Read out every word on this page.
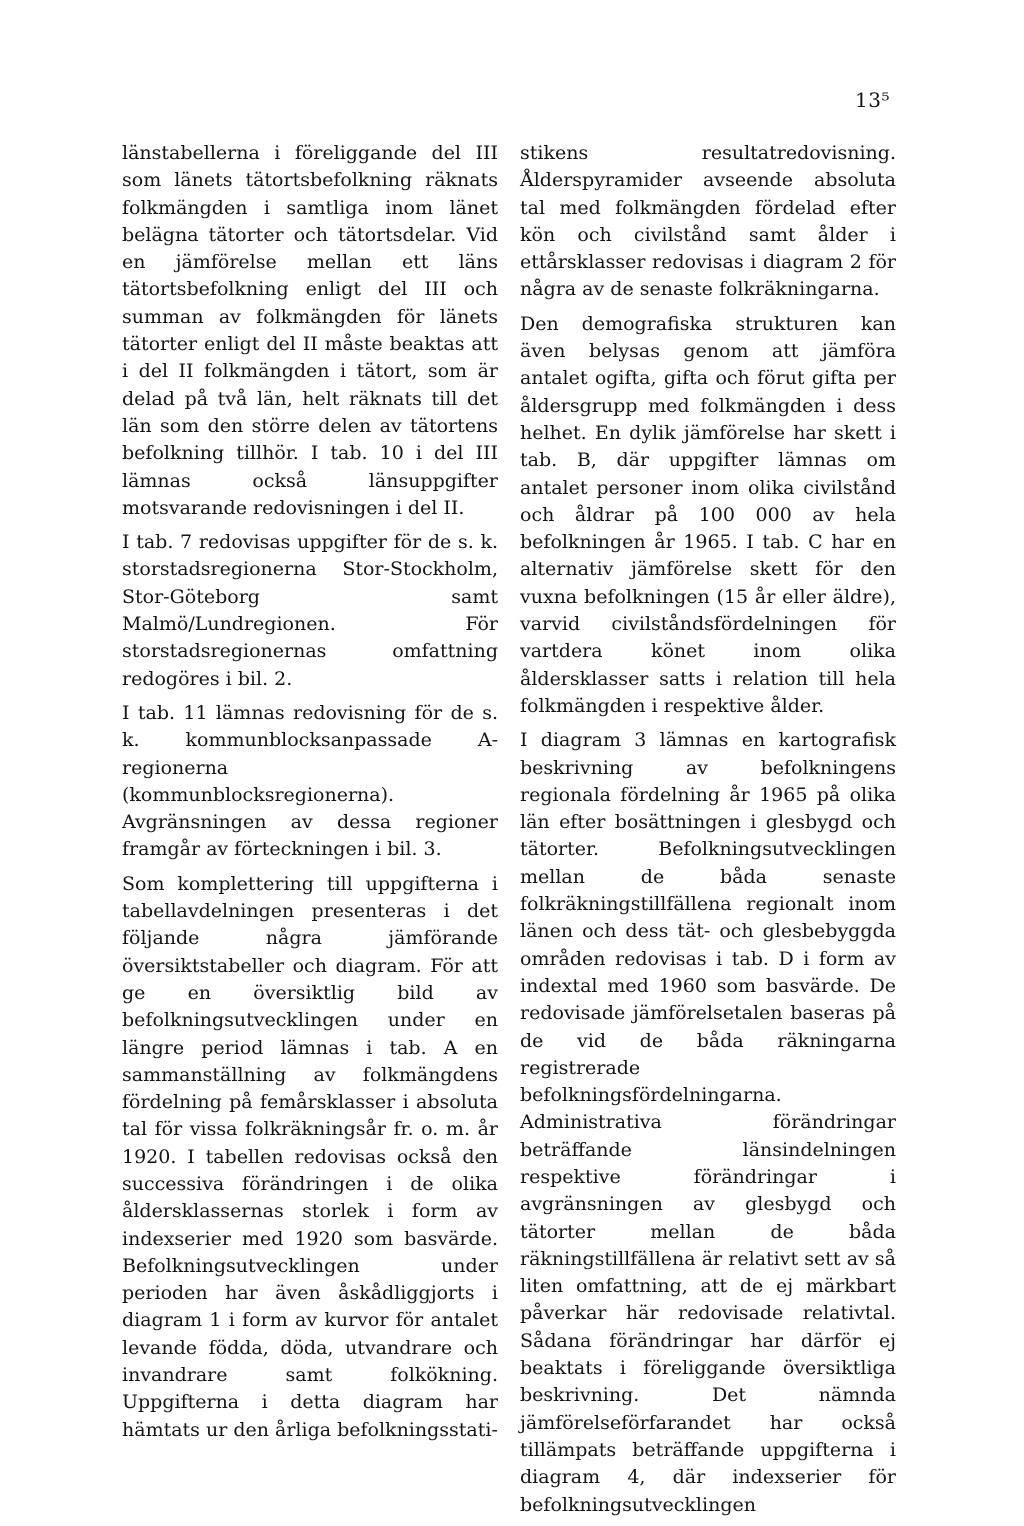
13⁵

länstabellerna i föreliggande del III som länets tätortsbefolkning räknats folkmängden i samtliga inom länet belägna tätorter och tätortsdelar. Vid en jämförelse mellan ett läns tätortsbefolkning enligt del III och summan av folkmängden för länets tätorter enligt del II måste beaktas att i del II folkmängden i tätort, som är delad på två län, helt räknats till det län som den större delen av tätortens befolkning tillhör. I tab. 10 i del III lämnas också länsuppgifter motsvarande redovisningen i del II.

I tab. 7 redovisas uppgifter för de s. k. storstadsregionerna Stor-Stockholm, Stor-Göteborg samt Malmö/Lundregionen. För storstadsregionernas omfattning redogöres i bil. 2.

I tab. 11 lämnas redovisning för de s. k. kommunblocksanpassade A-regionerna (kommunblocksregionerna). Avgränsningen av dessa regioner framgår av förteckningen i bil. 3.

Som komplettering till uppgifterna i tabellavdelningen presenteras i det följande några jämförande översiktstabeller och diagram. För att ge en översiktlig bild av befolkningsutvecklingen under en längre period lämnas i tab. A en sammanställning av folkmängdens fördelning på femårsklasser i absoluta tal för vissa folkräkningsår fr. o. m. år 1920. I tabellen redovisas också den successiva förändringen i de olika åldersklassernas storlek i form av indexserier med 1920 som basvärde. Befolkningsutvecklingen under perioden har även åskådliggjorts i diagram 1 i form av kurvor för antalet levande födda, döda, utvandrare och invandrare samt folkökning. Uppgifterna i detta diagram har hämtats ur den årliga befolkningsstati-

stikens resultatredovisning. Ålderspyramider avseende absoluta tal med folkmängden fördelad efter kön och civilstånd samt ålder i ettårsklasser redovisas i diagram 2 för några av de senaste folkräkningarna.

Den demografiska strukturen kan även belysas genom att jämföra antalet ogifta, gifta och förut gifta per åldersgrupp med folkmängden i dess helhet. En dylik jämförelse har skett i tab. B, där uppgifter lämnas om antalet personer inom olika civilstånd och åldrar på 100 000 av hela befolkningen år 1965. I tab. C har en alternativ jämförelse skett för den vuxna befolkningen (15 år eller äldre), varvid civilståndsfördelningen för vartdera könet inom olika åldersklasser satts i relation till hela folkmängden i respektive ålder.

I diagram 3 lämnas en kartografisk beskrivning av befolkningens regionala fördelning år 1965 på olika län efter bosättningen i glesbygd och tätorter. Befolkningsutvecklingen mellan de båda senaste folkräkningstillfällena regionalt inom länen och dess tät- och glesbebyggda områden redovisas i tab. D i form av indextal med 1960 som basvärde. De redovisade jämförelsetalen baseras på de vid de båda räkningarna registrerade befolkningsfördelningarna. Administrativa förändringar beträffande länsindelningen respektive förändringar i avgränsningen av glesbygd och tätorter mellan de båda räkningstillfällena är relativt sett av så liten omfattning, att de ej märkbart påverkar här redovisade relativtal. Sådana förändringar har därför ej beaktats i föreliggande översiktliga beskrivning. Det nämnda jämförelseförfarandet har också tillämpats beträffande uppgifterna i diagram 4, där indexserier för befolkningsutvecklingen
